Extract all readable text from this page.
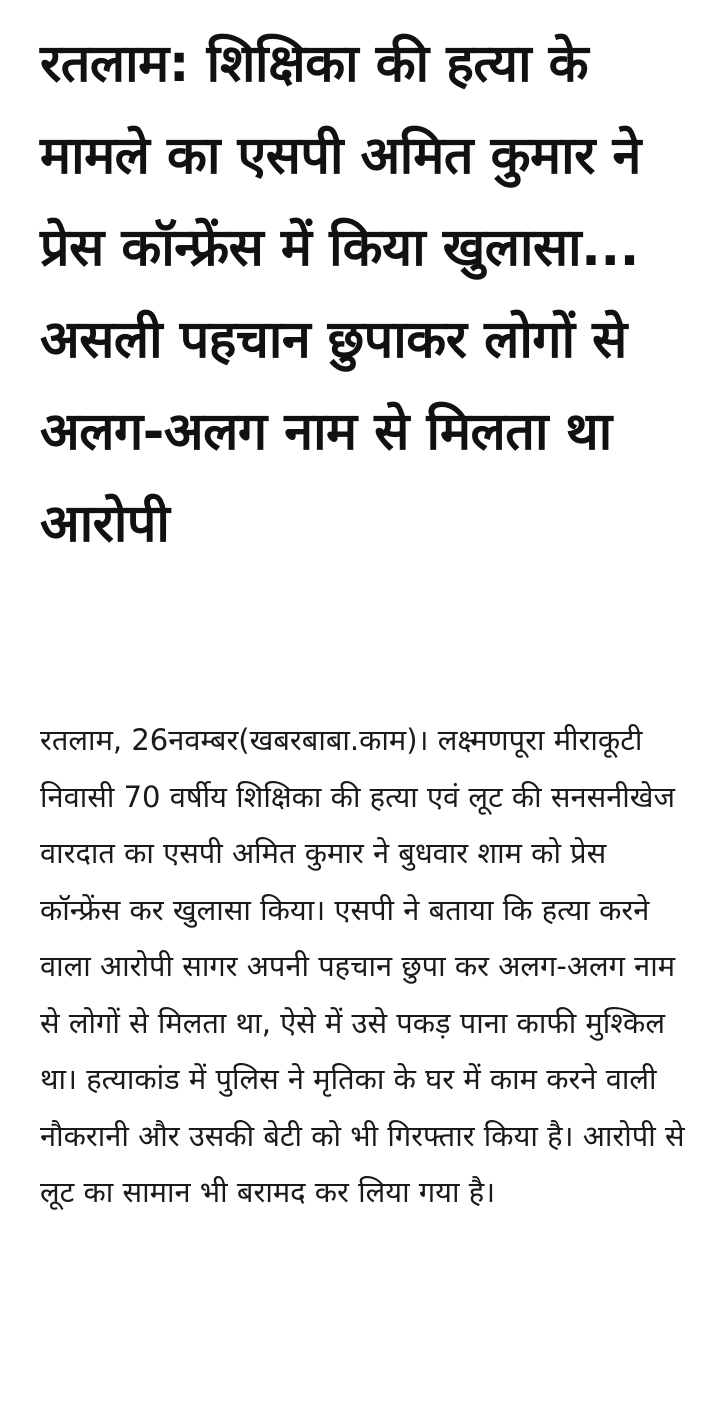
रतलाम: शिक्षिका की हत्या के मामले का एसपी अमित कुमार ने प्रेस कॉन्फ्रेंस में किया खुलासा... असली पहचान छुपाकर लोगों से अलग-अलग नाम से मिलता था आरोपी

रतलाम, 26नवम्बर(खबरबाबा.काम)। लक्ष्मणपूरा मीराकूटी निवासी 70 वर्षीय शिक्षिका की हत्या एवं लूट की सनसनीखेज वारदात का एसपी अमित कुमार ने बुधवार शाम को प्रेस कॉन्फ्रेंस कर खुलासा किया। एसपी ने बताया कि हत्या करने वाला आरोपी सागर अपनी पहचान छुपा कर अलग-अलग नाम से लोगों से मिलता था, ऐसे में उसे पकड़ पाना काफी मुश्किल था। हत्याकांड में पुलिस ने मृतिका के घर में काम करने वाली नौकरानी और उसकी बेटी को भी गिरफ्तार किया है। आरोपी से लूट का सामान भी बरामद कर लिया गया है।
